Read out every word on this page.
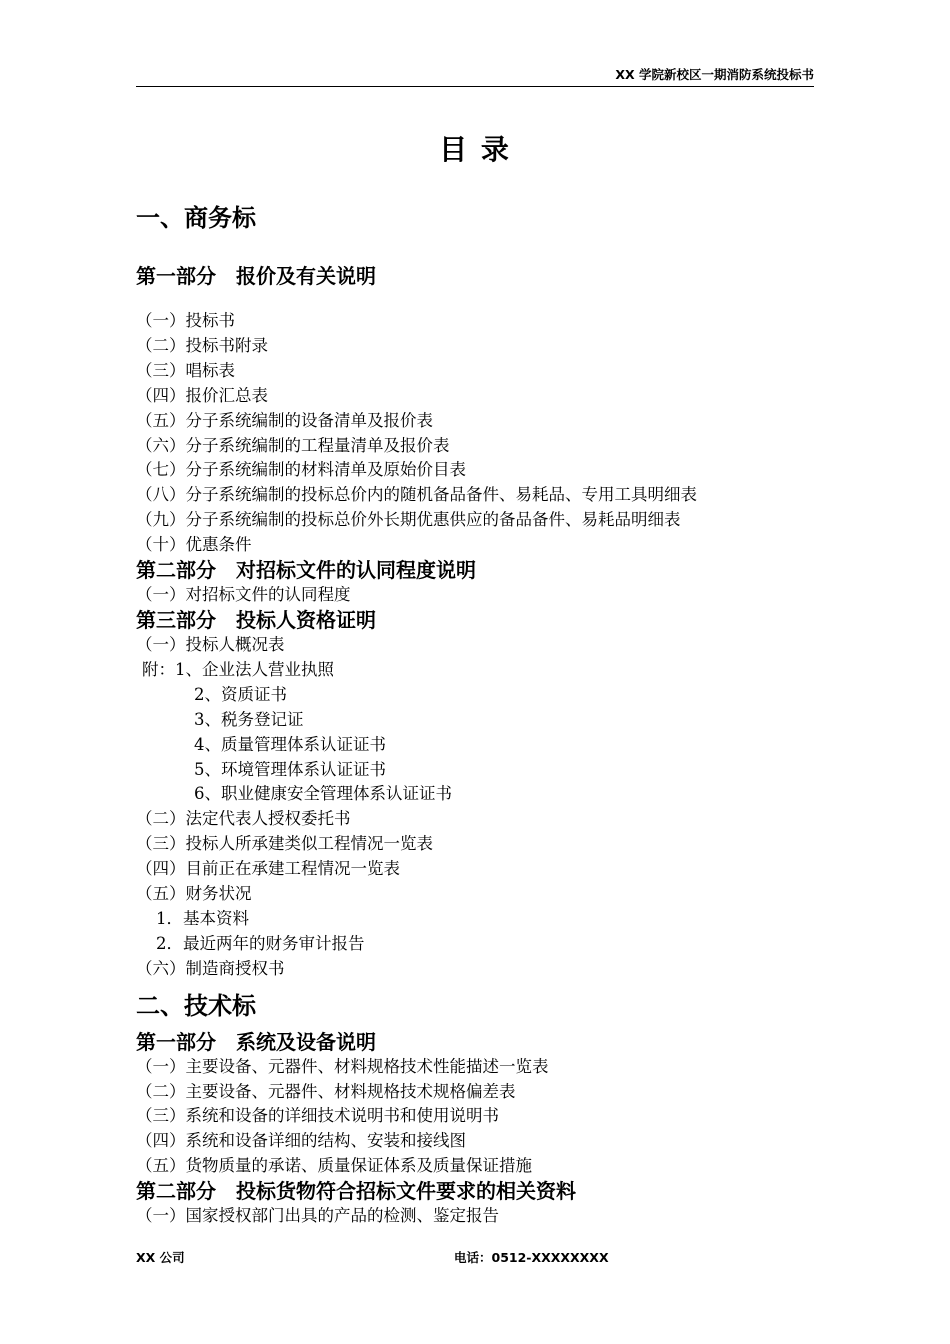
XX 学院新校区一期消防系统投标书
目 录
一、商务标
第一部分　报价及有关说明
（一）投标书
（二）投标书附录
（三）唱标表
（四）报价汇总表
（五）分子系统编制的设备清单及报价表
（六）分子系统编制的工程量清单及报价表
（七）分子系统编制的材料清单及原始价目表
（八）分子系统编制的投标总价内的随机备品备件、易耗品、专用工具明细表
（九）分子系统编制的投标总价外长期优惠供应的备品备件、易耗品明细表
（十）优惠条件
第二部分　对招标文件的认同程度说明
（一）对招标文件的认同程度
第三部分　投标人资格证明
（一）投标人概况表
附：1、企业法人营业执照
2、资质证书
3、税务登记证
4、质量管理体系认证证书
5、环境管理体系认证证书
6、职业健康安全管理体系认证证书
（二）法定代表人授权委托书
（三）投标人所承建类似工程情况一览表
（四）目前正在承建工程情况一览表
（五）财务状况
1．基本资料
2．最近两年的财务审计报告
（六）制造商授权书
二、技术标
第一部分　系统及设备说明
（一）主要设备、元器件、材料规格技术性能描述一览表
（二）主要设备、元器件、材料规格技术规格偏差表
（三）系统和设备的详细技术说明书和使用说明书
（四）系统和设备详细的结构、安装和接线图
（五）货物质量的承诺、质量保证体系及质量保证措施
第二部分　投标货物符合招标文件要求的相关资料
（一）国家授权部门出具的产品的检测、鉴定报告
XX 公司	电话：0512-XXXXXXXX
